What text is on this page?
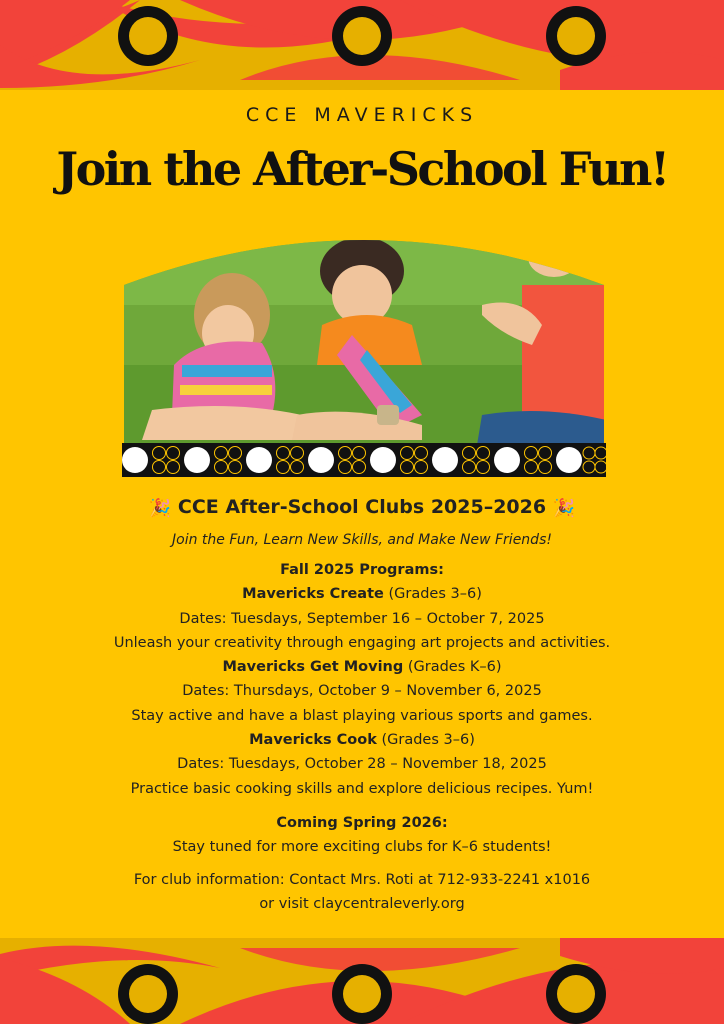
CCE MAVERICKS
Join the After-School Fun!
🎉 CCE After-School Clubs 2025–2026 🎉
Join the Fun, Learn New Skills, and Make New Friends!
Fall 2025 Programs:
Mavericks Create (Grades 3–6)
Dates: Tuesdays, September 16 – October 7, 2025
Unleash your creativity through engaging art projects and activities.
Mavericks Get Moving (Grades K–6)
Dates: Thursdays, October 9 – November 6, 2025
Stay active and have a blast playing various sports and games.
Mavericks Cook (Grades 3–6)
Dates: Tuesdays, October 28 – November 18, 2025
Practice basic cooking skills and explore delicious recipes. Yum!
Coming Spring 2026:
Stay tuned for more exciting clubs for K–6 students!
For club information: Contact Mrs. Roti at 712-933-2241 x1016
or visit claycentraleverly.org
